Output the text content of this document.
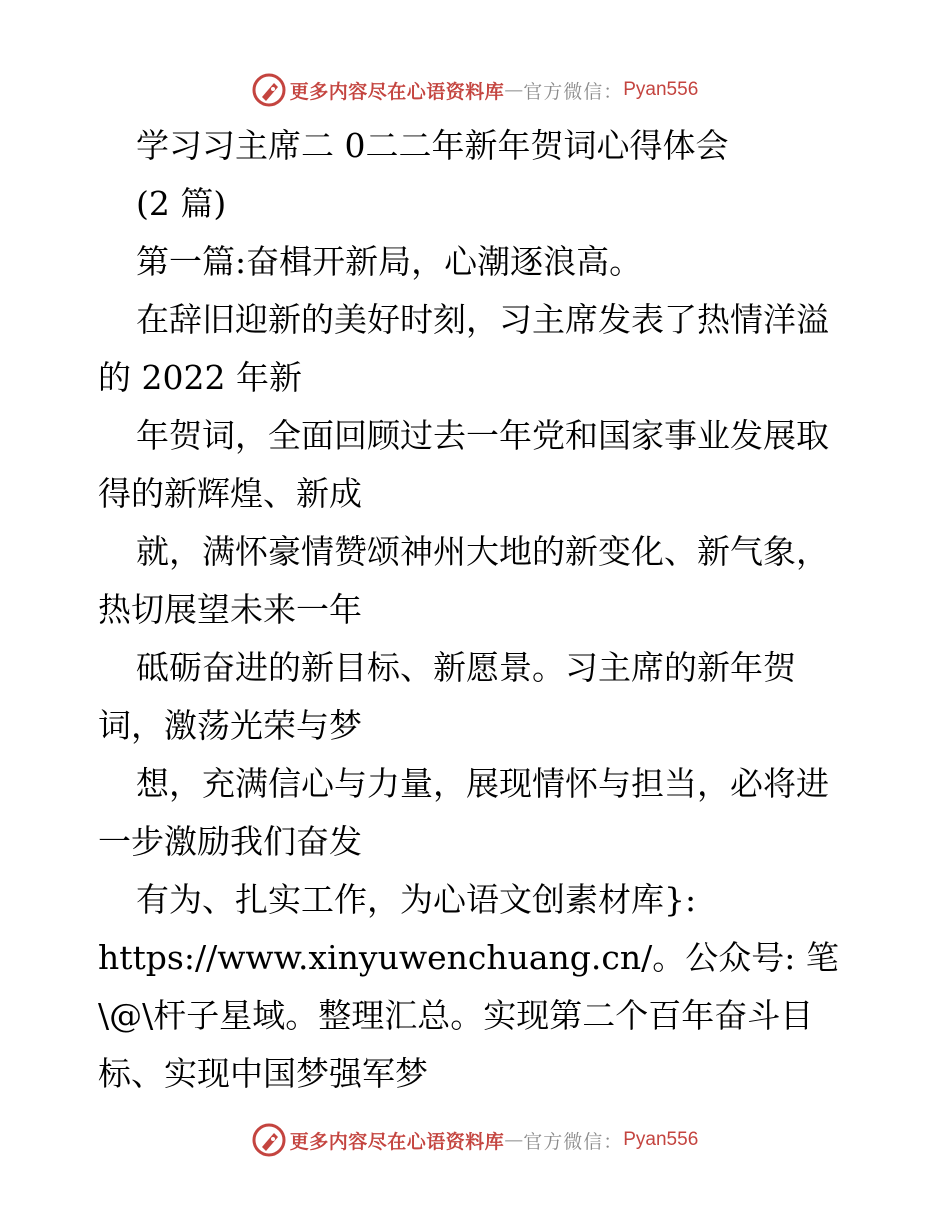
更多内容尽在心语资料库 — 官方微信： Pyan556
学习习主席二 0二二年新年贺词心得体会
(2 篇)
第一篇:奋楫开新局，心潮逐浪高。
在辞旧迎新的美好时刻，习主席发表了热情洋溢
的 2022 年新
年贺词，全面回顾过去一年党和国家事业发展取
得的新辉煌、新成
就，满怀豪情赞颂神州大地的新变化、新气象，
热切展望未来一年
砥砺奋进的新目标、新愿景。习主席的新年贺
词，激荡光荣与梦
想，充满信心与力量，展现情怀与担当，必将进
一步激励我们奋发
有为、扎实工作，为心语文创素材库}:
https://www.xinyuwenchuang.cn/。公众号: 笔
\@\杆子星域。整理汇总。实现第二个百年奋斗目
标、实现中国梦强军梦
更多内容尽在心语资料库 — 官方微信： Pyan556
